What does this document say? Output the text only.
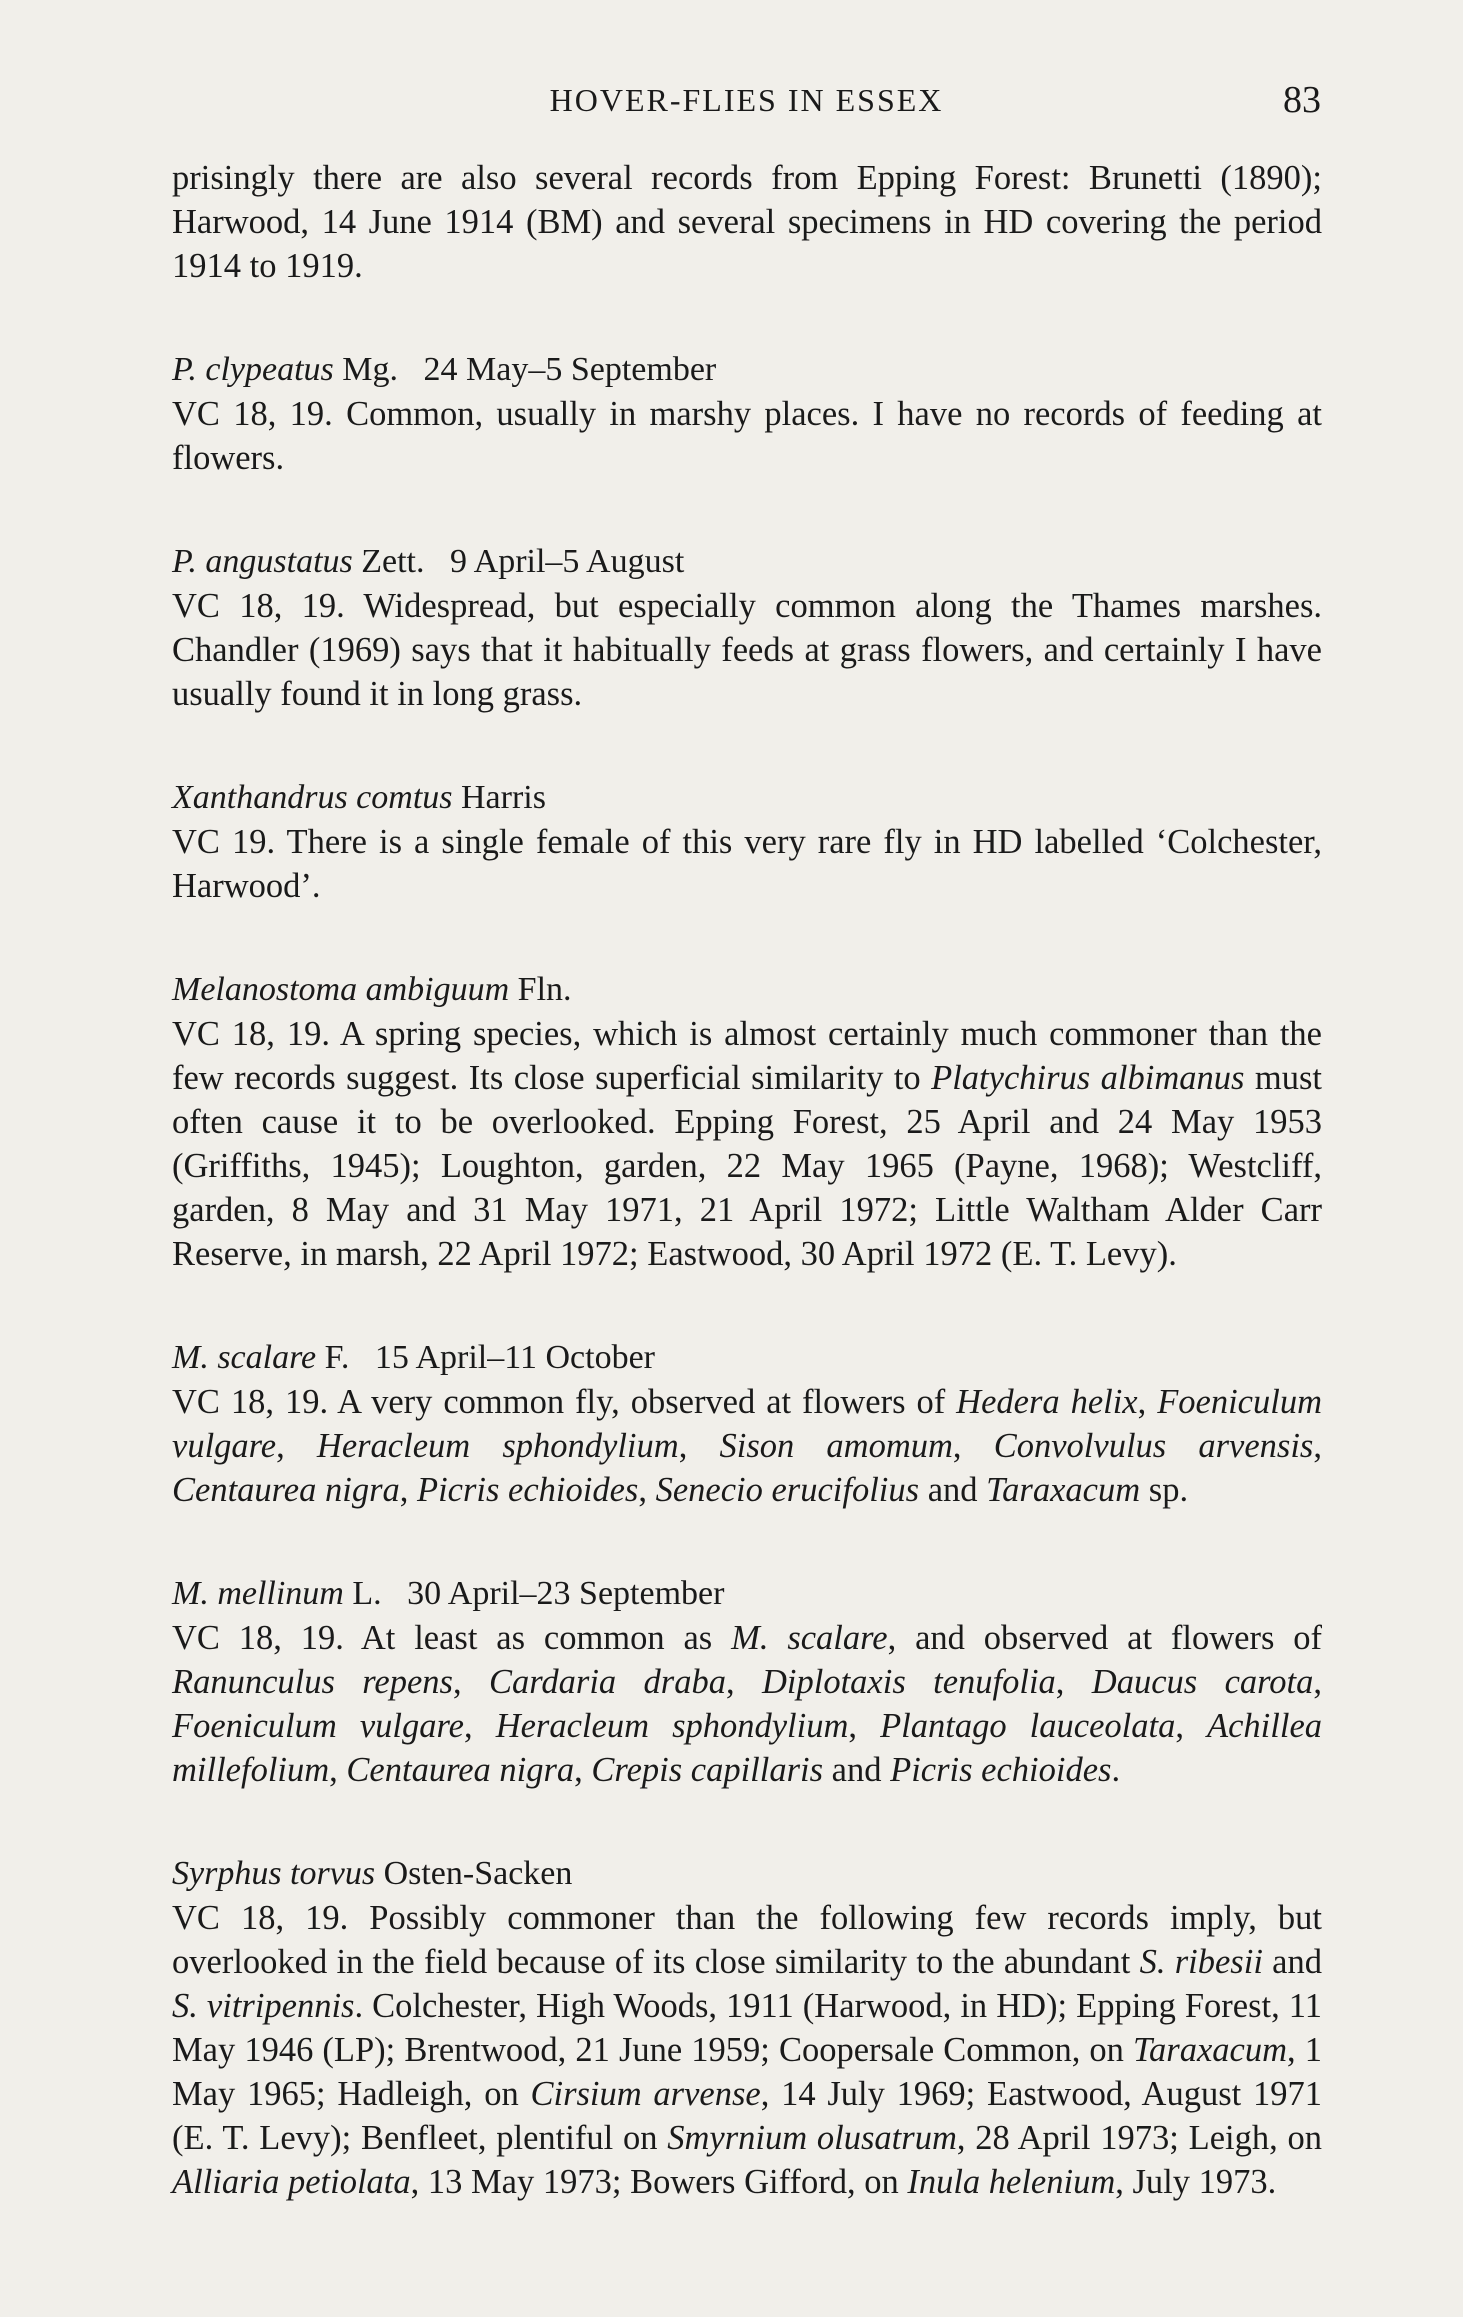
HOVER-FLIES IN ESSEX	83

prisingly there are also several records from Epping Forest: Brunetti (1890); Harwood, 14 June 1914 (BM) and several specimens in HD covering the period 1914 to 1919.

P. clypeatus Mg. 24 May–5 September

VC 18, 19. Common, usually in marshy places. I have no records of feeding at flowers.

P. angustatus Zett. 9 April–5 August

VC 18, 19. Widespread, but especially common along the Thames marshes. Chandler (1969) says that it habitually feeds at grass flowers, and certainly I have usually found it in long grass.

Xanthandrus comtus Harris

VC 19. There is a single female of this very rare fly in HD labelled ‘Colchester, Harwood’.

Melanostoma ambiguum Fln.

VC 18, 19. A spring species, which is almost certainly much commoner than the few records suggest. Its close superficial similarity to Platychirus albimanus must often cause it to be overlooked. Epping Forest, 25 April and 24 May 1953 (Griffiths, 1945); Loughton, garden, 22 May 1965 (Payne, 1968); Westcliff, garden, 8 May and 31 May 1971, 21 April 1972; Little Waltham Alder Carr Reserve, in marsh, 22 April 1972; Eastwood, 30 April 1972 (E. T. Levy).

M. scalare F. 15 April–11 October

VC 18, 19. A very common fly, observed at flowers of Hedera helix, Foeniculum vulgare, Heracleum sphondylium, Sison amomum, Convolvulus arvensis, Centaurea nigra, Picris echioides, Senecio erucifolius and Taraxacum sp.

M. mellinum L. 30 April–23 September

VC 18, 19. At least as common as M. scalare, and observed at flowers of Ranunculus repens, Cardaria draba, Diplotaxis tenufolia, Daucus carota, Foeniculum vulgare, Heracleum sphondylium, Plantago lauceolata, Achillea millefolium, Centaurea nigra, Crepis capillaris and Picris echioides.

Syrphus torvus Osten-Sacken

VC 18, 19. Possibly commoner than the following few records imply, but overlooked in the field because of its close similarity to the abundant S. ribesii and S. vitripennis. Colchester, High Woods, 1911 (Harwood, in HD); Epping Forest, 11 May 1946 (LP); Brentwood, 21 June 1959; Coopersale Common, on Taraxacum, 1 May 1965; Hadleigh, on Cirsium arvense, 14 July 1969; Eastwood, August 1971 (E. T. Levy); Benfleet, plentiful on Smyrnium olusatrum, 28 April 1973; Leigh, on Alliaria petiolata, 13 May 1973; Bowers Gifford, on Inula helenium, July 1973.
